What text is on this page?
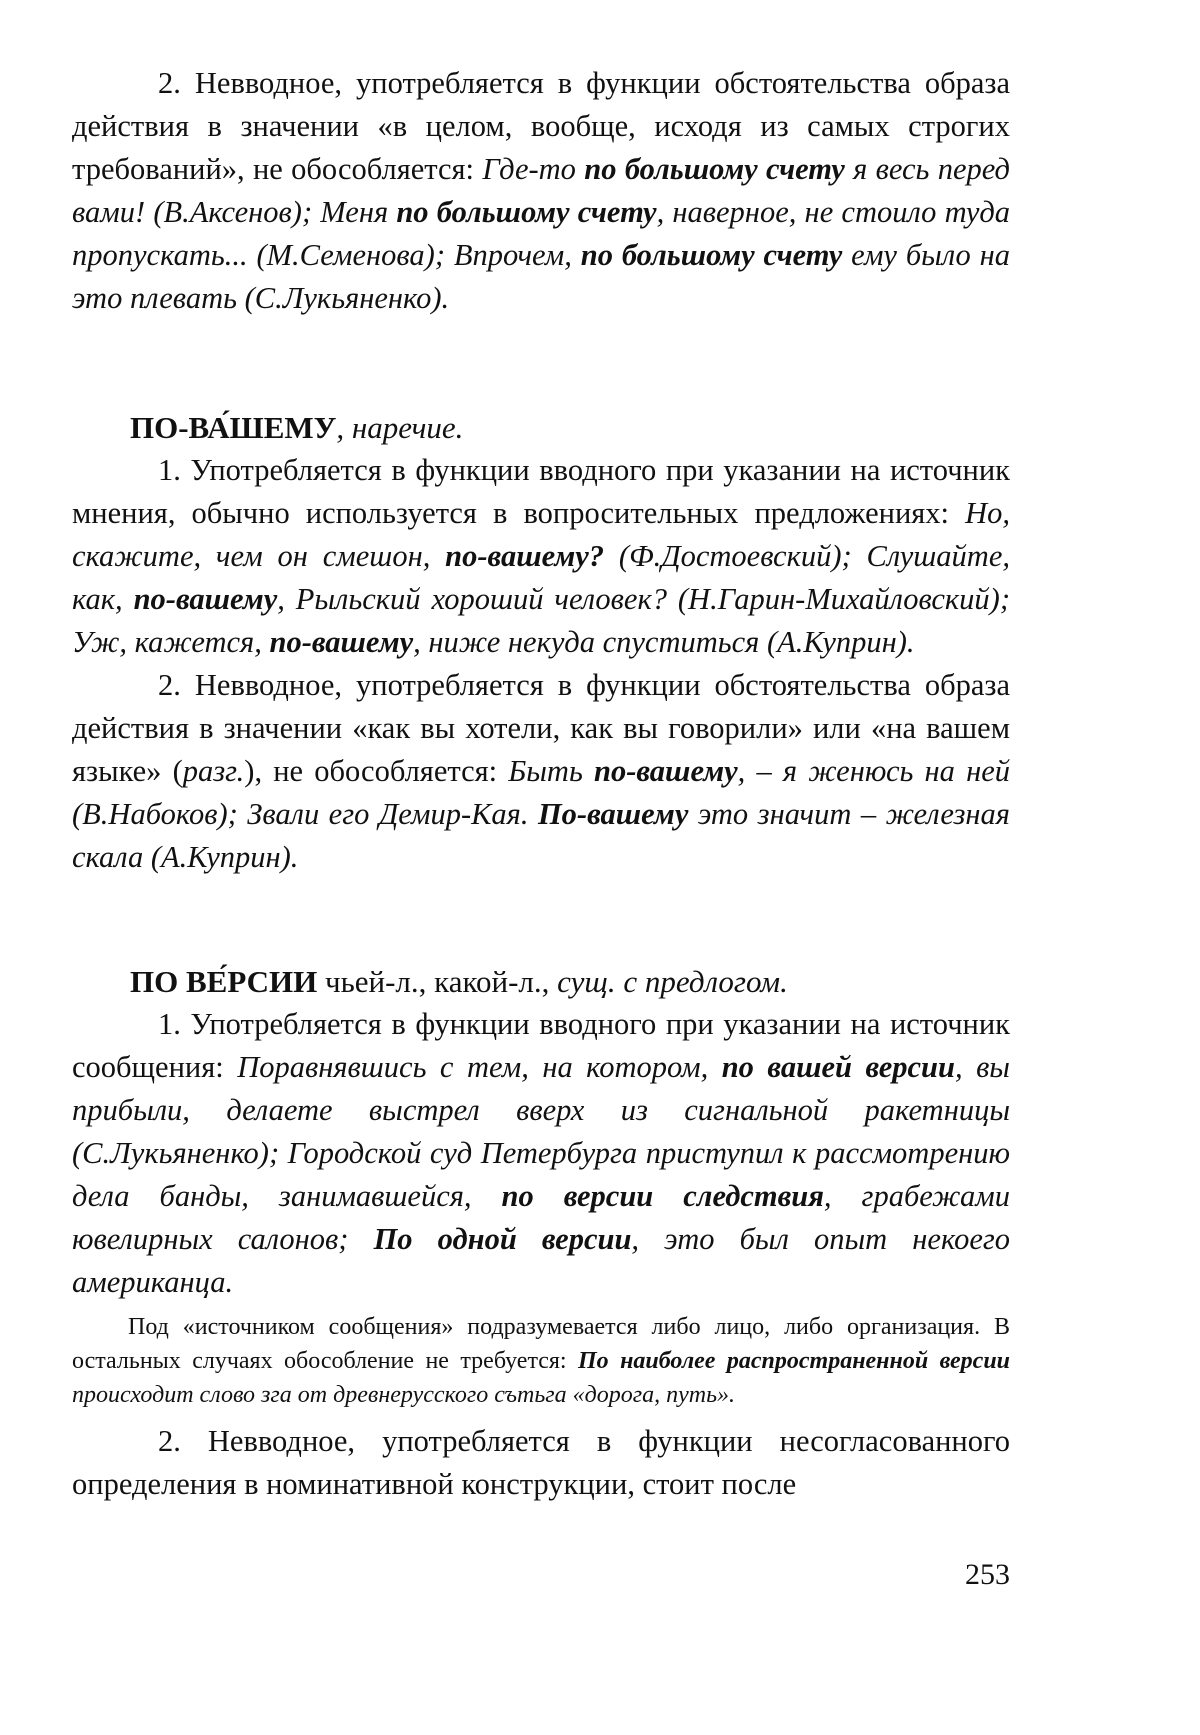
2. Невводное, употребляется в функции обстоятельства образа действия в значении «в целом, вообще, исходя из самых строгих требований», не обособляется: Где-то по большому счету я весь перед вами! (В.Аксенов); Меня по большому счету, наверное, не стоило туда пропускать... (М.Семенова); Впрочем, по большому счету ему было на это плевать (С.Лукьяненко).

ПО-ВА́ШЕМУ, наречие.

1. Употребляется в функции вводного при указании на источник мнения, обычно используется в вопросительных предложениях: Но, скажите, чем он смешон, по-вашему? (Ф.Достоевский); Слушайте, как, по-вашему, Рыльский хороший человек? (Н.Гарин-Михайловский); Уж, кажется, по-вашему, ниже некуда спуститься (А.Куприн).

2. Невводное, употребляется в функции обстоятельства образа действия в значении «как вы хотели, как вы говорили» или «на вашем языке» (разг.), не обособляется: Быть по-вашему, – я женюсь на ней (В.Набоков); Звали его Демир-Кая. По-вашему это значит – железная скала (А.Куприн).

ПО ВЕ́РСИИ чьей-л., какой-л., сущ. с предлогом.

1. Употребляется в функции вводного при указании на источник сообщения: Поравнявшись с тем, на котором, по вашей версии, вы прибыли, делаете выстрел вверх из сигнальной ракетницы (С.Лукьяненко); Городской суд Петербурга приступил к рассмотрению дела банды, занимавшейся, по версии следствия, грабежами ювелирных салонов; По одной версии, это был опыт некоего американца.

Под «источником сообщения» подразумевается либо лицо, либо организация. В остальных случаях обособление не требуется: По наиболее распространенной версии происходит слово зга от древнерусского сътьга «дорога, путь».

2. Невводное, употребляется в функции несогласованного определения в номинативной конструкции, стоит после

253
